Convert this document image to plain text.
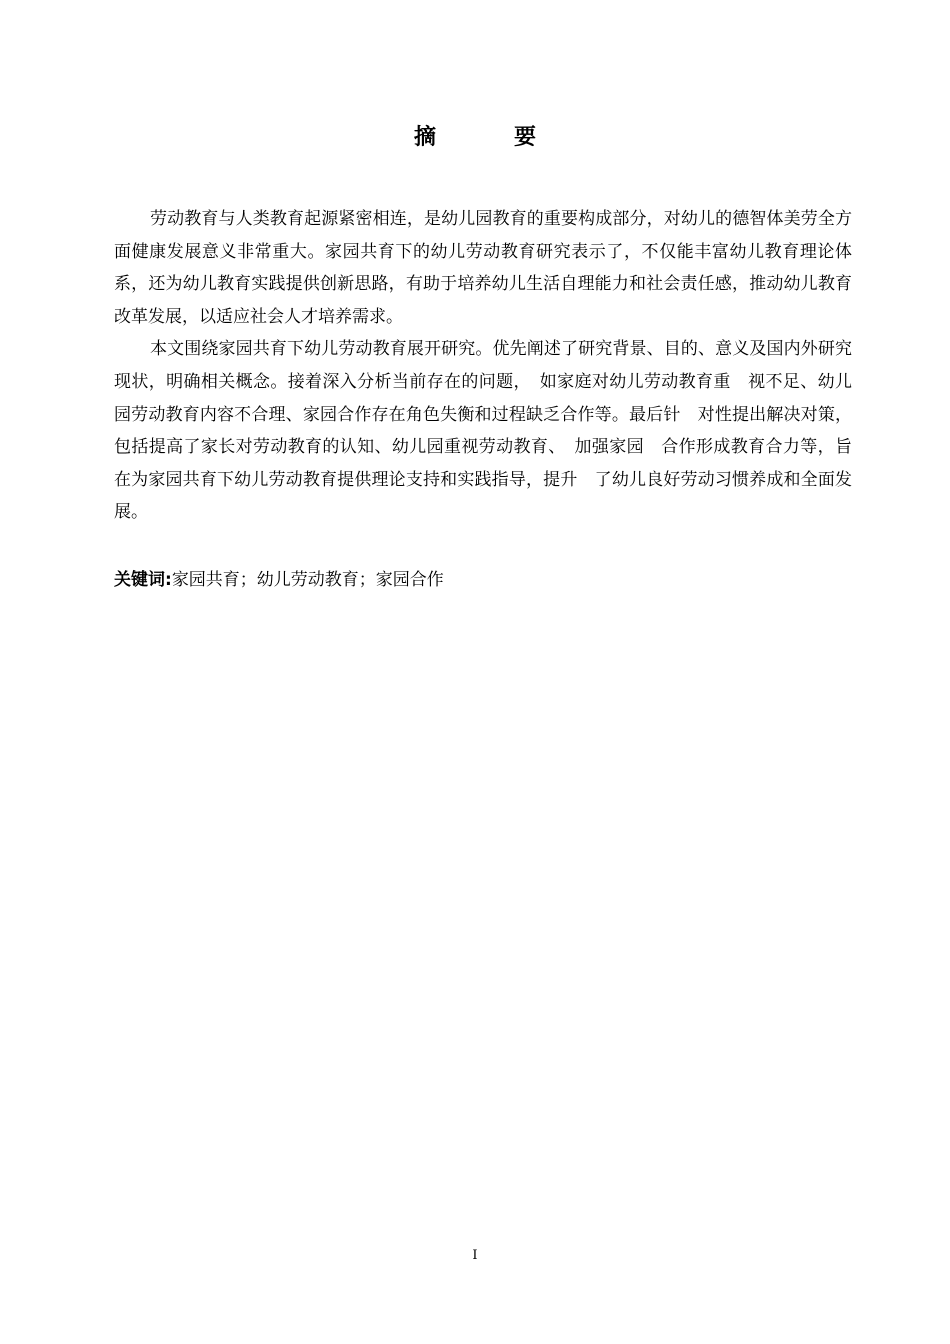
摘　要

劳动教育与人类教育起源紧密相连，是幼儿园教育的重要构成部分，对幼儿的德智体美劳全方面健康发展意义非常重大。家园共育下的幼儿劳动教育研究表示了，不仅能丰富幼儿教育理论体系，还为幼儿教育实践提供创新思路，有助于培养幼儿生活自理能力和社会责任感，推动幼儿教育改革发展，以适应社会人才培养需求。

本文围绕家园共育下幼儿劳动教育展开研究。优先阐述了研究背景、目的、意义及国内外研究现状，明确相关概念。接着深入分析当前存在的问题，　如家庭对幼儿劳动教育重　视不足、幼儿园劳动教育内容不合理、家园合作存在角色失衡和过程缺乏合作等。最后针　对性提出解决对策，包括提高了家长对劳动教育的认知、幼儿园重视劳动教育、　加强家园　合作形成教育合力等，旨在为家园共育下幼儿劳动教育提供理论支持和实践指导，提升　了幼儿良好劳动习惯养成和全面发展。

关键词:家园共育；幼儿劳动教育；家园合作

I
